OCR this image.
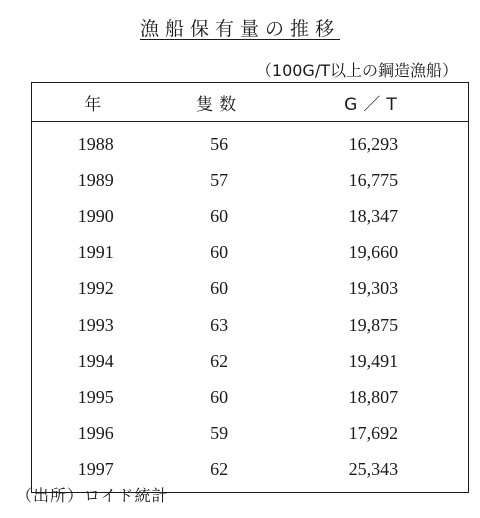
漁船保有量の推移
（100G/T以上の鋼造漁船）
年	隻数	G／T
1988	56	16,293
1989	57	16,775
1990	60	18,347
1991	60	19,660
1992	60	19,303
1993	63	19,875
1994	62	19,491
1995	60	18,807
1996	59	17,692
1997	62	25,343
（出所）ロイド統計
